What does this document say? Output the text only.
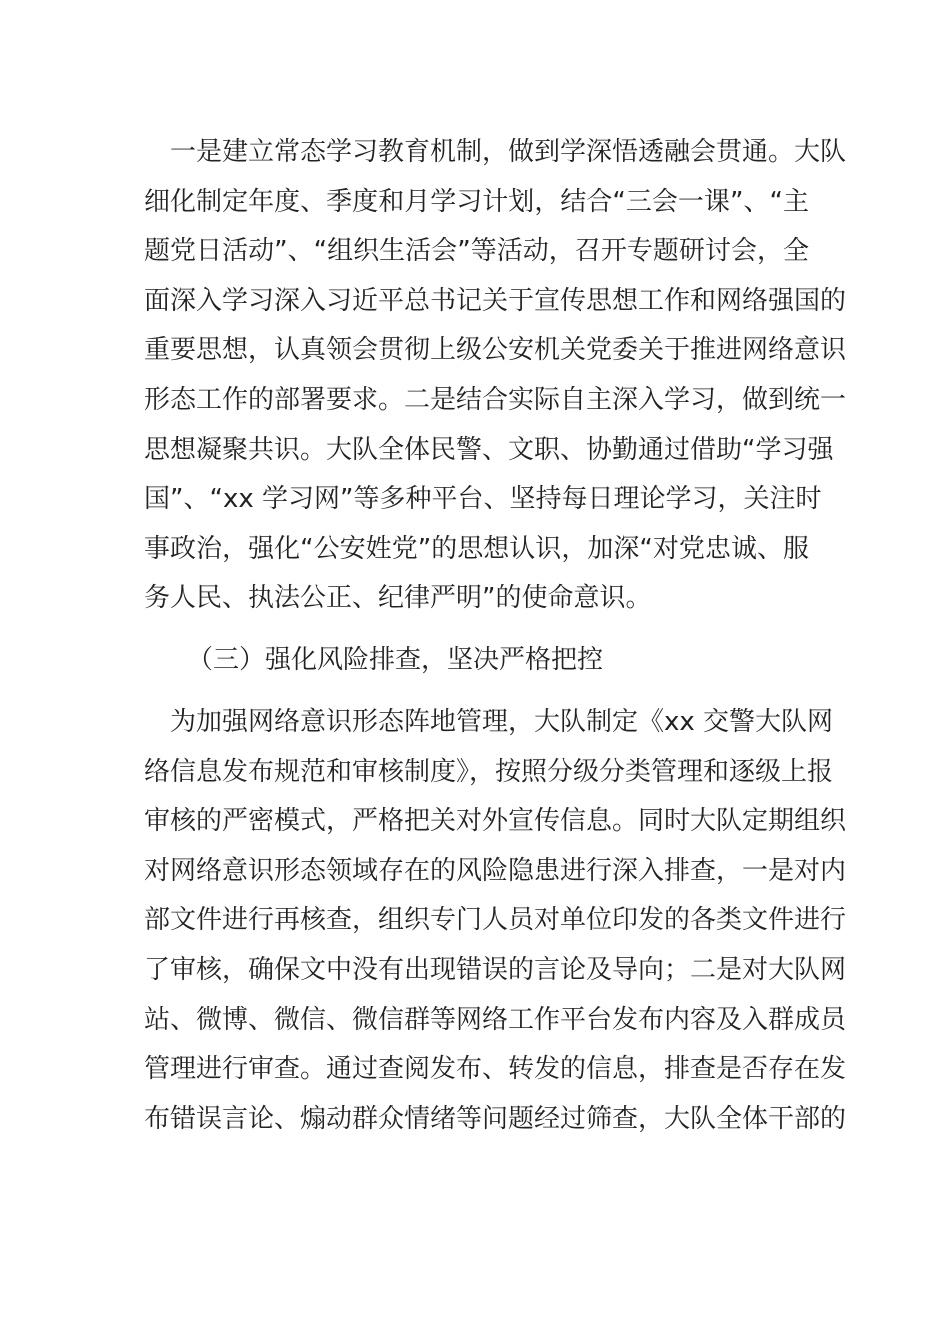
　一是建立常态学习教育机制，做到学深悟透融会贯通。大队
细化制定年度、季度和月学习计划，结合“三会一课”、“主
题党日活动”、“组织生活会”等活动，召开专题研讨会，全
面深入学习深入习近平总书记关于宣传思想工作和网络强国的
重要思想，认真领会贯彻上级公安机关党委关于推进网络意识
形态工作的部署要求。二是结合实际自主深入学习，做到统一
思想凝聚共识。大队全体民警、文职、协勤通过借助“学习强
国”、“xx 学习网”等多种平台、坚持每日理论学习，关注时
事政治，强化“公安姓党”的思想认识，加深“对党忠诚、服
务人民、执法公正、纪律严明”的使命意识。
（三）强化风险排查，坚决严格把控
　为加强网络意识形态阵地管理，大队制定《xx 交警大队网
络信息发布规范和审核制度》，按照分级分类管理和逐级上报
审核的严密模式，严格把关对外宣传信息。同时大队定期组织
对网络意识形态领域存在的风险隐患进行深入排查，一是对内
部文件进行再核查，组织专门人员对单位印发的各类文件进行
了审核，确保文中没有出现错误的言论及导向；二是对大队网
站、微博、微信、微信群等网络工作平台发布内容及入群成员
管理进行审查。通过查阅发布、转发的信息，排查是否存在发
布错误言论、煽动群众情绪等问题经过筛查，大队全体干部的
